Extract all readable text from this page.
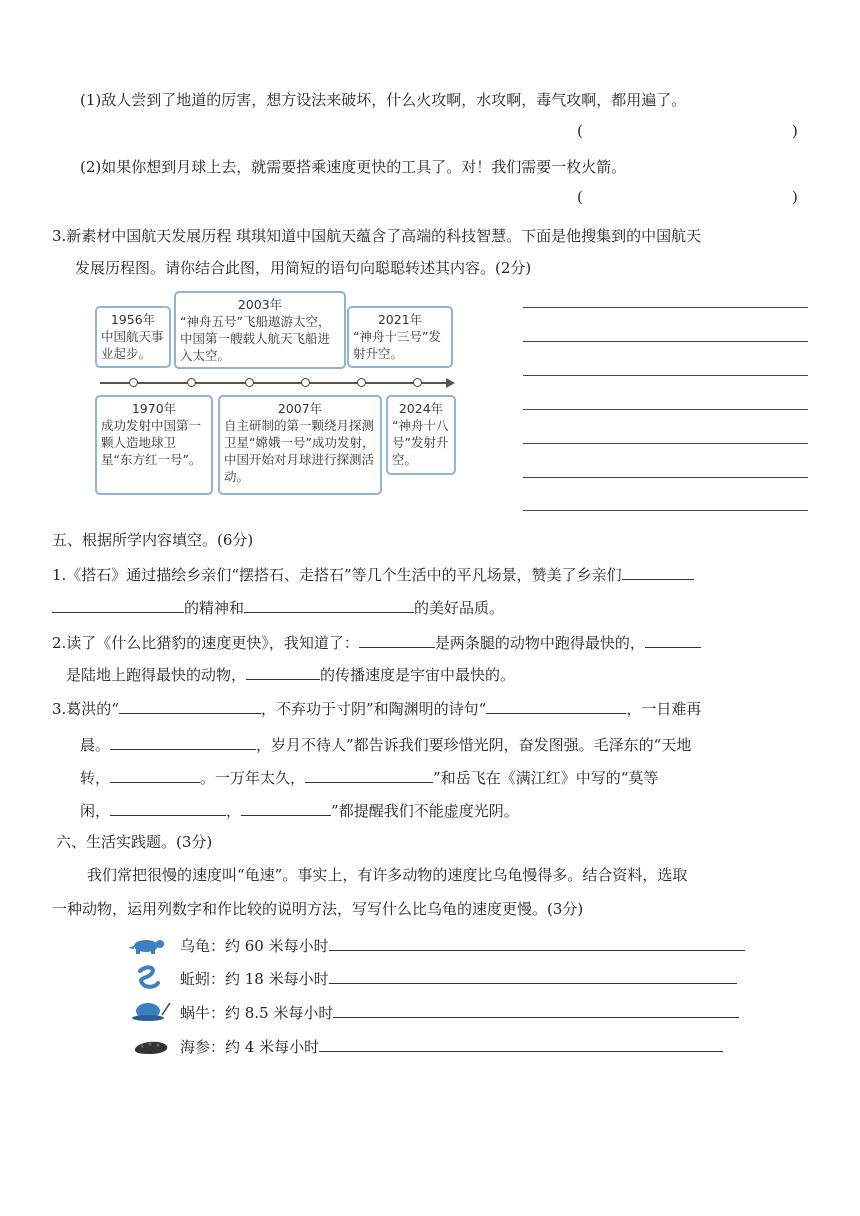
(1)敌人尝到了地道的厉害，想方设法来破坏，什么火攻啊，水攻啊，毒气攻啊，都用遍了。
(	)
(2)如果你想到月球上去，就需要搭乘速度更快的工具了。对！我们需要一枚火箭。
(	)
3.新素材中国航天发展历程 琪琪知道中国航天蕴含了高端的科技智慧。下面是他搜集到的中国航天
发展历程图。请你结合此图，用简短的语句向聪聪转述其内容。(2分)
1956年
中国航天事业起步。
2003年
“神舟五号”飞船遨游太空，中国第一艘载人航天飞船进入太空。
2021年
“神舟十三号”发射升空。
1970年
成功发射中国第一颗人造地球卫星“东方红一号”。
2007年
自主研制的第一颗绕月探测卫星“嫦娥一号”成功发射，中国开始对月球进行探测活动。
2024年
“神舟十八号”发射升空。
五、根据所学内容填空。(6分)
1.《搭石》通过描绘乡亲们“摆搭石、走搭石”等几个生活中的平凡场景，赞美了乡亲们
的精神和	的美好品质。
2.读了《什么比猎豹的速度更快》，我知道了：	是两条腿的动物中跑得最快的，
是陆地上跑得最快的动物，	的传播速度是宇宙中最快的。
3.葛洪的“	，不弃功于寸阴”和陶渊明的诗句“	，一日难再
晨。	，岁月不待人”都告诉我们要珍惜光阴，奋发图强。毛泽东的“天地
转，	。一万年太久，	”和岳飞在《满江红》中写的“莫等
闲，	，	”都提醒我们不能虚度光阴。
六、生活实践题。(3分)
我们常把很慢的速度叫“龟速”。事实上，有许多动物的速度比乌龟慢得多。结合资料，选取
一种动物，运用列数字和作比较的说明方法，写写什么比乌龟的速度更慢。(3分)
乌龟：约 60 米每小时
蚯蚓：约 18 米每小时
蜗牛：约 8.5 米每小时
海参：约 4 米每小时
